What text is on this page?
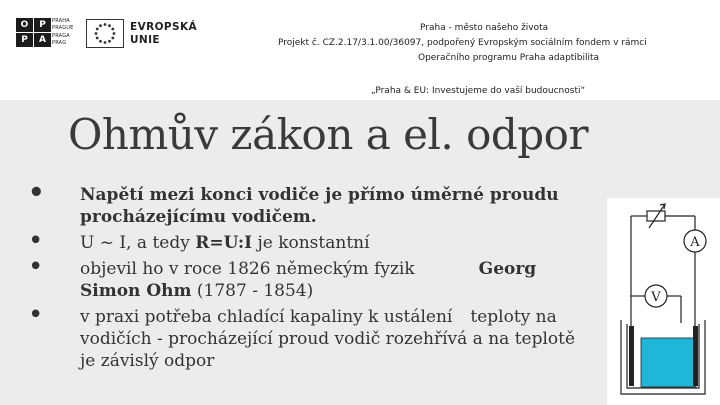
O	P
P	A
PRAHA
PRAGUE
PRAGA
PRAG
EVROPSKÁ
UNIE
Praha - město našeho života
Projekt č. CZ.2.17/3.1.00/36097, podpořený Evropským sociálním fondem v rámci
Operačního programu Praha adaptibilita
„Praha & EU: Investujeme do vaší budoucnosti“
Ohmův zákon a el. odpor
• Napětí mezi konci vodiče je přímo úměrné proudu procházejícímu vodičem.
• U ~ I, a tedy R=U:I je konstantní
• objevil ho v roce 1826 německým fyzik	Georg Simon Ohm (1787 - 1854)
• v praxi potřeba chladící kapaliny k ustálení teploty na vodičích - procházející proud vodič rozehřívá a na teplotě je závislý odpor
A
V
